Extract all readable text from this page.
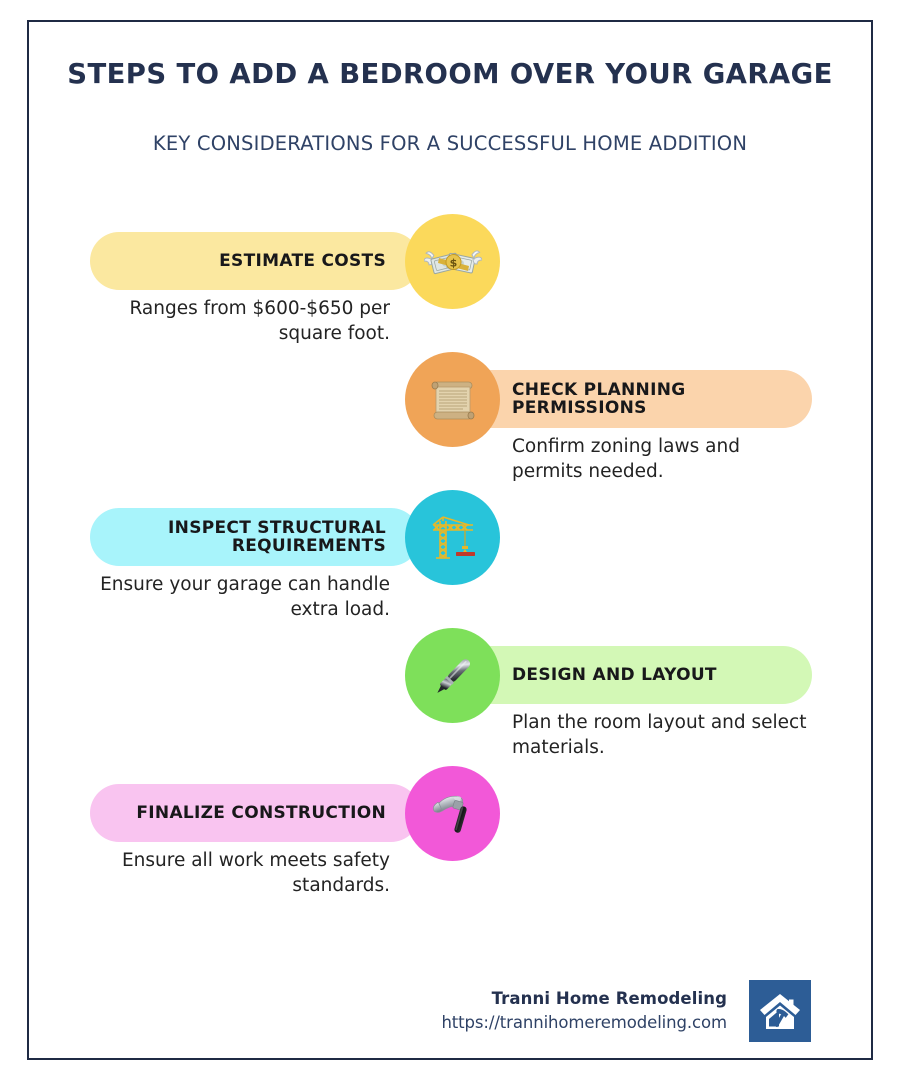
STEPS TO ADD A BEDROOM OVER YOUR GARAGE
KEY CONSIDERATIONS FOR A SUCCESSFUL HOME ADDITION
ESTIMATE COSTS	$
Ranges from $600-$650 per square foot.
CHECK PLANNING PERMISSIONS
Confirm zoning laws and permits needed.
INSPECT STRUCTURAL REQUIREMENTS
Ensure your garage can handle extra load.
DESIGN AND LAYOUT
Plan the room layout and select materials.
FINALIZE CONSTRUCTION
Ensure all work meets safety standards.
Tranni Home Remodeling
https://trannihomeremodeling.com
